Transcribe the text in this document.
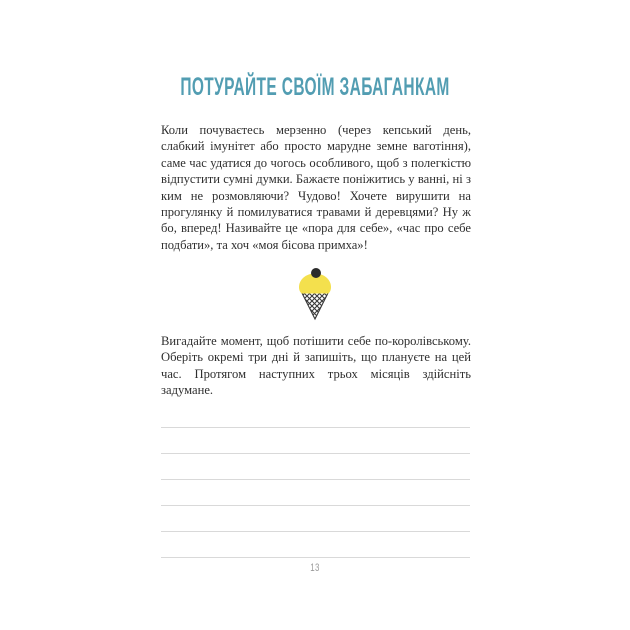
ПОТУРАЙТЕ СВОЇМ ЗАБАГАНКАМ

Коли почуваєтесь мерзенно (через кепський день, слабкий імунітет або просто марудне земне ваготіння), саме час удатися до чогось особливого, щоб з полегкістю відпустити сумні думки. Бажаєте поніжитись у ванні, ні з ким не розмовляючи? Чудово! Хочете вирушити на прогулянку й помилуватися травами й деревцями? Ну ж бо, вперед! Називайте це «пора для себе», «час про себе подбати», та хоч «моя бісова примха»!

Вигадайте момент, щоб потішити себе по-королівському. Оберіть окремі три дні й запишіть, що плануєте на цей час. Протягом наступних трьох місяців здійсніть задумане.

13
